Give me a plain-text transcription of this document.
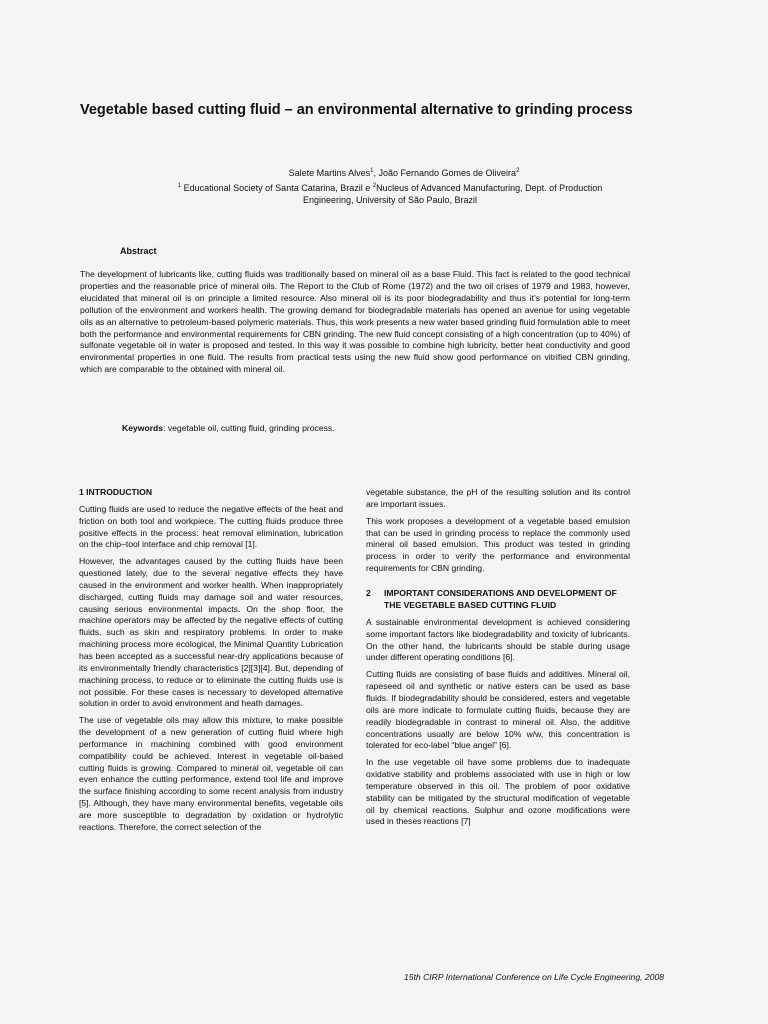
Vegetable based cutting fluid – an environmental alternative to grinding process
Salete Martins Alves$^1$, João Fernando Gomes de Oliveira$^2$
$^1$ Educational Society of Santa Catarina, Brazil e $^2$Nucleus of Advanced Manufacturing, Dept. of Production
Engineering, University of São Paulo, Brazil
Abstract
The development of lubricants like, cutting fluids was traditionally based on mineral oil as a base Fluid. This fact is related to the good technical properties and the reasonable price of mineral oils. The Report to the Club of Rome (1972) and the two oil crises of 1979 and 1983, however, elucidated that mineral oil is on principle a limited resource. Also mineral oil is its poor biodegradability and thus it’s potential for long-term pollution of the environment and workers health. The growing demand for biodegradable materials has opened an avenue for using vegetable oils as an alternative to petroleum-based polymeric materials. Thus, this work presents a new water based grinding fluid formulation able to meet both the performance and environmental requirements for CBN grinding. The new fluid concept consisting of a high concentration (up to 40%) of sulfonate vegetable oil in water is proposed and tested. In this way it was possible to combine high lubricity, better heat conductivity and good environmental properties in one fluid. The results from practical tests using the new fluid show good performance on vitrified CBN grinding, which are comparable to the obtained with mineral oil.
Keywords: vegetable oil, cutting fluid, grinding process.
1 INTRODUCTION

Cutting fluids are used to reduce the negative effects of the heat and friction on both tool and workpiece. The cutting fluids produce three positive effects in the process: heat removal elimination, lubrication on the chip–tool interface and chip removal [1].

However, the advantages caused by the cutting fluids have been questioned lately, due to the several negative effects they have caused in the environment and worker health. When inappropriately discharged, cutting fluids may damage soil and water resources, causing serious environmental impacts. On the shop floor, the machine operators may be affected by the negative effects of cutting fluids, such as skin and respiratory problems. In order to make machining process more ecological, the Minimal Quantity Lubrication has been accepted as a successful near-dry applications because of its environmentally friendly characteristics [2][3][4]. But, depending of machining process, to reduce or to eliminate the cutting fluids use is not possible. For these cases is necessary to developed alternative solution in order to avoid environment and heath damages.

The use of vegetable oils may allow this mixture, to make possible the development of a new generation of cutting fluid where high performance in machining combined with good environment compatibility could be achieved. Interest in vegetable oil-based cutting fluids is growing. Compared to mineral oil, vegetable oil can even enhance the cutting performance, extend tool life and improve the surface finishing according to some recent analysis from industry [5]. Although, they have many environmental benefits, vegetable oils are more susceptible to degradation by oxidation or hydrolytic reactions. Therefore, the correct selection of the

vegetable substance, the pH of the resulting solution and its control are important issues.

This work proposes a development of a vegetable based emulsion that can be used in grinding process to replace the commonly used mineral oil based emulsion. This product was tested in grinding process in order to verify the performance and environmental requirements for CBN grinding.

2	IMPORTANT CONSIDERATIONS AND DEVELOPMENT OF THE VEGETABLE BASED CUTTING FLUID

A sustainable environmental development is achieved considering some important factors like biodegradability and toxicity of lubricants. On the other hand, the lubricants should be stable during usage under different operating conditions [6].

Cutting fluids are consisting of base fluids and additives. Mineral oil, rapeseed oil and synthetic or native esters can be used as base fluids. If biodegradability should be considered, esters and vegetable oils are more indicate to formulate cutting fluids, because they are readily biodegradable in contrast to mineral oil. Also, the additive concentrations usually are below 10% w/w, this concentration is tolerated for eco-label “blue angel” [6].

In the use vegetable oil have some problems due to inadequate oxidative stability and problems associated with use in high or low temperature observed in this oil. The problem of poor oxidative stability can be mitigated by the structural modification of vegetable oil by chemical reactions. Sulphur and ozone modifications were used in theses reactions [7]

15th CIRP International Conference on Life Cycle Engineering, 2008
